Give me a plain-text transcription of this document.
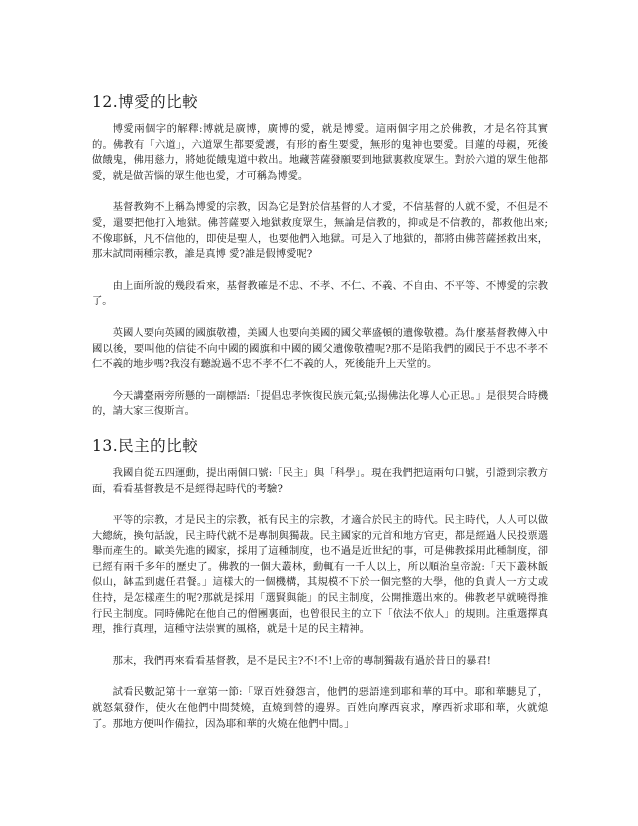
12.博愛的比較

博愛兩個字的解釋:博就是廣博，廣博的愛，就是博愛。這兩個字用之於佛教，才是名符其實的。佛教有「六道」，六道眾生都要愛護，有形的畜生要愛，無形的鬼神也要愛。目蓮的母親，死後做餓鬼，佛用慈力，將她從餓鬼道中救出。地藏菩薩發願要到地獄裏救度眾生。對於六道的眾生他都愛，就是做苦惱的眾生他也愛，才可稱為博愛。

基督教夠不上稱為博愛的宗教，因為它是對於信基督的人才愛，不信基督的人就不愛，不但是不愛，還要把他打入地獄。佛菩薩要入地獄救度眾生，無論是信教的，抑或是不信教的，都救他出來;不像耶穌，凡不信他的，即使是聖人，也要他們入地獄。可是入了地獄的，都將由佛菩薩拯救出來，那末試問兩種宗教，誰是真博 愛?誰是假博愛呢?

由上面所說的幾段看來，基督教確是不忠、不孝、不仁、不義、不自由、不平等、不博愛的宗教了。

英國人要向英國的國旗敬禮，美國人也要向美國的國父華盛頓的遺像敬禮。為什麼基督教傳入中國以後，要叫他的信徒不向中國的國旗和中國的國父遺像敬禮呢?那不是陷我們的國民于不忠不孝不仁不義的地步嗎?我沒有聽說過不忠不孝不仁不義的人，死後能升上天堂的。

今天講臺兩旁所懸的一副標語:「提倡忠孝恢復民族元氣;弘揚佛法化導人心正思。」是很契合時機的，請大家三復斯言。

13.民主的比較

我國自從五四運動，提出兩個口號:「民主」與「科學」。現在我們把這兩句口號，引證到宗教方面，看看基督教是不是經得起時代的考驗?

平等的宗教，才是民主的宗教，祇有民主的宗教，才適合於民主的時代。民主時代，人人可以做大總統，換句話說，民主時代就不是專制與獨裁。民主國家的元首和地方官吏，都是經過人民投票選舉而產生的。歐美先進的國家，採用了這種制度，也不過是近世紀的事，可是佛教採用此種制度，卻已經有兩千多年的歷史了。佛教的一個大叢林，動輒有一千人以上，所以順治皇帝說:「天下叢林飯似山，缽盂到處任君餐。」這樣大的一個機構，其規模不下於一個完整的大學，他的負責人一方丈或住持，是怎樣產生的呢?那就是採用「選賢與能」的民主制度，公開推選出來的。佛教老早就曉得推行民主制度。同時佛陀在他自己的僧團裏面，也曾很民主的立下「依法不依人」的規則。注重選擇真理，推行真理，這種守法崇實的風格，就是十足的民主精神。

那末，我們再來看看基督教，是不是民主?不!不!上帝的專制獨裁有過於昔日的暴君!

試看民數記第十一章第一節:「眾百姓發怨言，他們的惡語達到耶和華的耳中。耶和華聽見了，就怒氣發作，使火在他們中間焚燒，直燒到營的邊界。百姓向摩西哀求，摩西祈求耶和華，火就熄了。那地方便叫作備拉，因為耶和華的火燒在他們中間。」
